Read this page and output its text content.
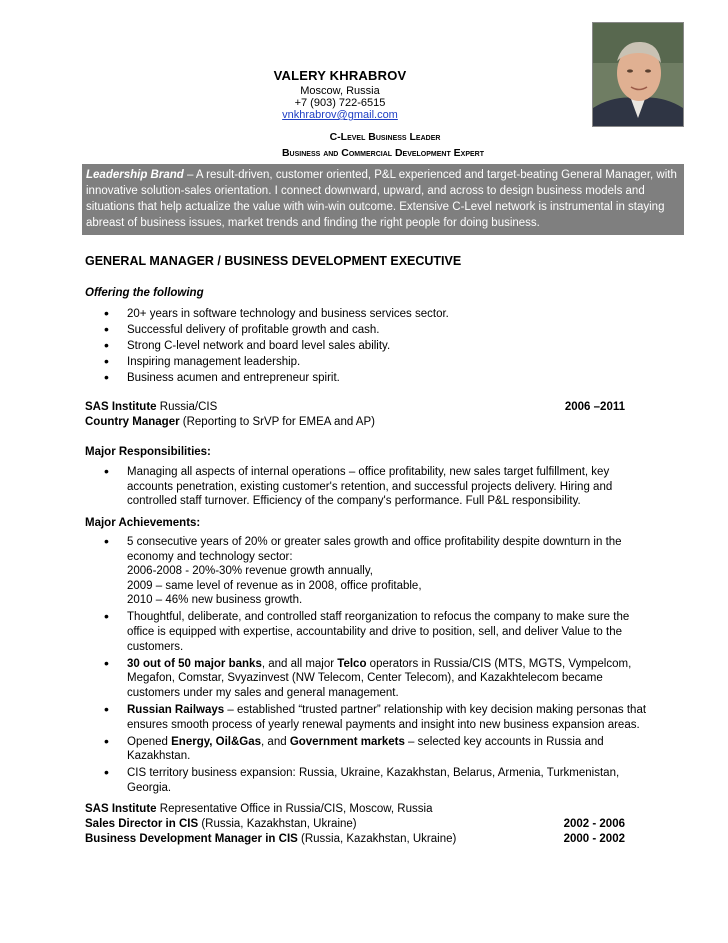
VALERY KHRABROV
Moscow, Russia
+7 (903) 722-6515
vnkhrabrov@gmail.com
C-Level Business Leader
Business and Commercial Development Expert
Leadership Brand – A result-driven, customer oriented, P&L experienced and target-beating General Manager, with innovative solution-sales orientation. I connect downward, upward, and across to design business models and situations that help actualize the value with win-win outcome. Extensive C-Level network is instrumental in staying abreast of business issues, market trends and finding the right people for doing business.
GENERAL MANAGER / BUSINESS DEVELOPMENT EXECUTIVE
Offering the following
• 20+ years in software technology and business services sector.
• Successful delivery of profitable growth and cash.
• Strong C-level network and board level sales ability.
• Inspiring management leadership.
• Business acumen and entrepreneur spirit.
SAS Institute Russia/CIS	2006 –2011
Country Manager (Reporting to SrVP for EMEA and AP)
Major Responsibilities:
• Managing all aspects of internal operations – office profitability, new sales target fulfillment, key accounts penetration, existing customer's retention, and successful projects delivery. Hiring and controlled staff turnover. Efficiency of the company's performance. Full P&L responsibility.
Major Achievements:
• 5 consecutive years of 20% or greater sales growth and office profitability despite downturn in the economy and technology sector:
2006-2008 - 20%-30% revenue growth annually,
2009 – same level of revenue as in 2008, office profitable,
2010 – 46% new business growth.
• Thoughtful, deliberate, and controlled staff reorganization to refocus the company to make sure the office is equipped with expertise, accountability and drive to position, sell, and deliver Value to the customers.
• 30 out of 50 major banks, and all major Telco operators in Russia/CIS (MTS, MGTS, Vympelcom, Megafon, Comstar, Svyazinvest (NW Telecom, Center Telecom), and Kazakhtelecom became customers under my sales and general management.
• Russian Railways – established “trusted partner” relationship with key decision making personas that ensures smooth process of yearly renewal payments and insight into new business expansion areas.
• Opened Energy, Oil&Gas, and Government markets – selected key accounts in Russia and Kazakhstan.
• CIS territory business expansion: Russia, Ukraine, Kazakhstan, Belarus, Armenia, Turkmenistan, Georgia.
SAS Institute Representative Office in Russia/CIS, Moscow, Russia
Sales Director in CIS (Russia, Kazakhstan, Ukraine)	2002 - 2006
Business Development Manager in CIS (Russia, Kazakhstan, Ukraine)	2000 - 2002
